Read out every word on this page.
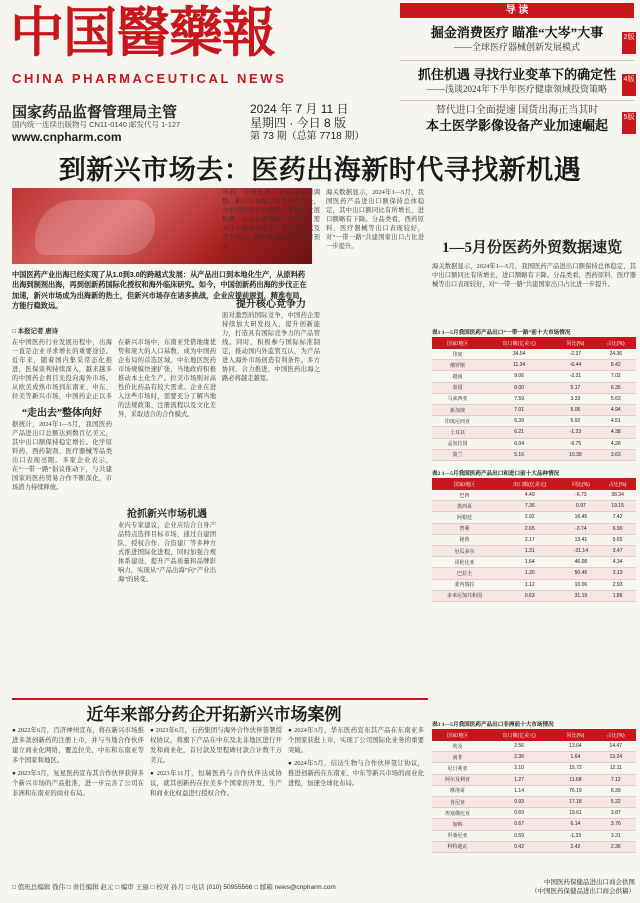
中国醫藥報
CHINA PHARMACEUTICAL NEWS
国家药品监督管理局主管
国内统一连续出版物号 CN11-0140 邮发代号 1-127
www.cnpharm.com
2024 年 7 月 11 日
星期四 · 今日 8 版
第 73 期（总第 7718 期）
导 读
掘金消费医疗 瞄准“大岑”大事
——全球医疗器械创新发展模式
2版
抓住机遇 寻找行业变革下的确定性
——浅谈2024年下半年医疗健康领域投资策略
4版
替代进口全面提速 国货出海正当其时
本土医学影像设备产业加速崛起
5版
到新兴市场去：医药出海新时代寻找新机遇
中国医药产业出海已经实现了从1.0到3.0的跨越式发展：从产品出口到本地化生产，从原料药出海到制剂出海，再到创新药国际化授权和海外临床研究。如今，中国创新药出海的步伐正在加速，新兴市场成为出海新的热土，但新兴市场存在诸多挑战，企业应提前规划，精准布局，方能行稳致远。
□ 本报记者 唐诗
在中国医药行业发展历程中，出海一直是企业寻求增长的重要途径。近年来，随着国内集采常态化推进，医保谈判持续深入，越来越多的中国药企将目光投向海外市场。从欧美成熟市场到东南亚、中东、拉美等新兴市场，中国药企正以多
“走出去”整体向好
据统计，2024年1—5月，我国医药产品进出口总额达到数百亿美元，其中出口额保持稳定增长。化学原料药、西药制剂、医疗器械等品类出口表现亮眼。多家企业表示，在“一带一路”倡议推动下，与共建国家的医药贸易合作不断深化，市场潜力持续释放。
在新兴市场中，东南亚凭借地缘优势和庞大的人口基数，成为中国药企布局的首选区域。中东地区医药市场规模快速扩张，当地政府积极推动本土化生产。拉美市场则对高性价比药品有较大需求。企业在进入这些市场时，需要充分了解当地的法规政策、注册流程以及文化差异，采取适合的合作模式。
抢抓新兴市场机遇
业内专家建议，企业应结合自身产品特点选择目标市场，通过自建团队、授权合作、合资建厂等多种方式推进国际化进程，同时加强合规体系建设，提升产品质量和品牌影响力，实现从“产品出海”向“产业出海”的转变。
当前，全球医药产业格局深刻调整，新兴市场医疗需求快速增长，为中国医药企业提供了难得的发展机遇。企业在拓展新兴市场时，需关注当地政策变化、支付能力以及竞争格局，做好风险评估与应对预案。
提升核心竞争力
面对激烈的国际竞争，中国药企需持续加大研发投入，提升创新能力，打造具有国际竞争力的产品管线。同时，积极参与国际标准制定，推动国内外监管互认，为产品进入海外市场创造有利条件。多方协同、合力推进，中国医药出海之路必将越走越宽。
海关数据显示，2024年1—5月，我国医药产品进出口额保持总体稳定，其中出口额同比有所增长，进口额略有下降。分品类看，西药原料、医疗器械等出口表现较好，对“一带一路”共建国家出口占比进一步提升。	1—5月份医药外贸数据速览
海关数据显示，2024年1—5月，我国医药产品进出口额保持总体稳定，其中出口额同比有所增长，进口额略有下降。分品类看，西药原料、医疗器械等出口表现较好，对“一带一路”共建国家出口占比进一步提升。
表1 1—5月我国医药产品出口“一带一路”前十大市场情况
国家/地区	出口额(亿美元)	同比(%)	占比(%)
印度	34.54	-2.37	24.36
俄罗斯	11.34	-6.44	8.42
越南	9.06	-2.31	7.02
泰国	8.00	5.17	6.35
马来西亚	7.59	3.33	5.63
新加坡	7.01	5.06	4.94
印度尼西亚	6.39	5.92	4.51
土耳其	6.21	-1.23	4.38
孟加拉国	6.04	-9.75	4.26
波兰	5.16	10.39	3.63
表2 1—5月我国医药产品出口和进口前十大品种情况
国家/地区	出口额(亿美元)	同比(%)	占比(%)
巴西	4.49	-6.73	38.34
墨西哥	7.36	0.97	19.15
阿根廷	2.92	16.45	7.42
智利	2.65	-3.74	6.90
秘鲁	2.17	13.41	5.65
厄瓜多尔	1.31	-31.14	3.47
哥伦比亚	1.64	46.08	4.34
巴拉圭	1.30	50.46	3.13
委内瑞拉	1.12	10.06	2.93
多米尼加共和国	0.63	31.19	1.86
表3 1—5月我国医药产品出口非洲前十大市场情况
国家/地区	出口额(亿美元)	同比(%)	占比(%)
埃及	2.56	13.64	14.47
南非	2.36	1.64	13.24
尼日利亚	2.10	15.72	12.11
阿尔及利亚	1.27	11.68	7.12
摩洛哥	1.14	76.19	6.39
肯尼亚	0.93	17.18	5.22
埃塞俄比亚	0.69	19.61	3.87
加纳	0.67	6.14	3.76
坦桑尼亚	0.59	-1.33	3.31
科特迪瓦	0.42	2.42	2.36
近年来部分药企开拓新兴市场案例

● 2022年6月，百济神州宣布，将在新兴市场推进多款创新药的注册上市，并与当地合作伙伴建立商业化网络，覆盖拉美、中东和东南亚等多个国家和地区。

● 2023年3月，复星医药宣布其合作伙伴获得多个新兴市场的产品批准，进一步完善了公司在非洲和东南亚的商业布局。

● 2023年6月，石药集团与海外合作伙伴签署授权协议，将旗下产品在中东及北非地区进行开发和商业化，首付款及里程碑付款合计数千万美元。

● 2023年11月，恒瑞医药与合作伙伴达成协议，就其创新药在拉美多个国家的开发、生产和商业化权益进行授权合作。

● 2024年3月，华东医药宣布其产品在东南亚多个国家获批上市，实现了公司国际化业务的重要突破。

● 2024年5月，信达生物与合作伙伴签订协议，推进创新药在东南亚、中东等新兴市场的商业化进程，加速全球化布局。

□ 值班总编辑 钱伟 □ 责任编辑 赵元 □ 编审 王丽 □ 校对 孙月 □ 电话 (010) 50955566 □ 邮箱 news@cnpharm.com
中国医药保健品进出口商会供图
（中国医药保健品进出口商会供稿）
